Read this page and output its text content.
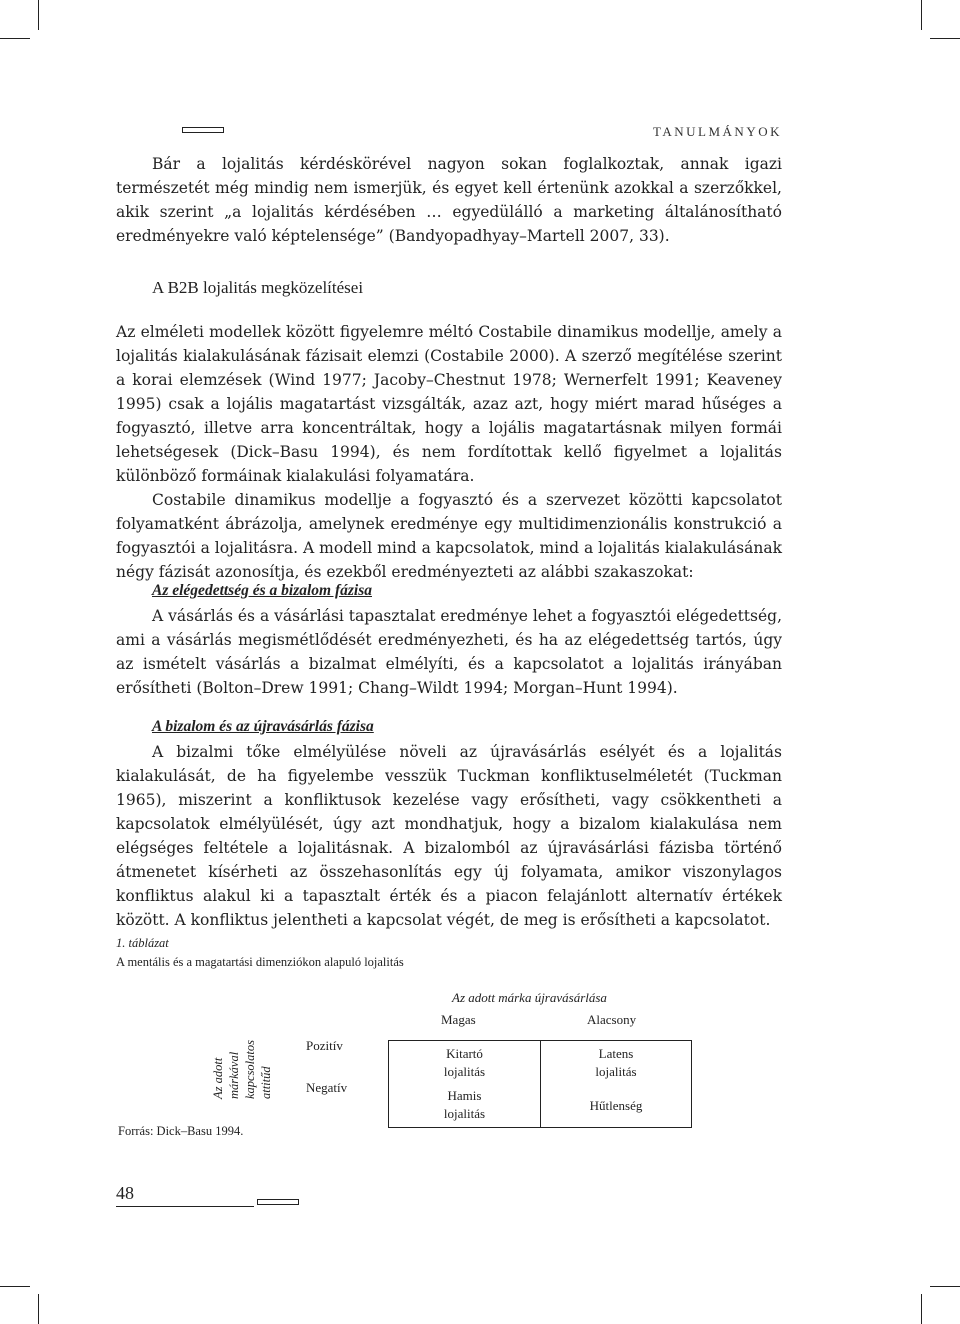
TANULMÁNYOK

Bár a lojalitás kérdéskörével nagyon sokan foglalkoztak, annak igazi természetét még mindig nem ismerjük, és egyet kell értenünk azokkal a szerzőkkel, akik szerint „a lojalitás kérdésében … egyedülálló a marketing általánosítható eredményekre való képtelensége” (Bandyopadhyay–Martell 2007, 33).

A B2B lojalitás megközelítései

Az elméleti modellek között figyelemre méltó Costabile dinamikus modellje, amely a lojalitás kialakulásának fázisait elemzi (Costabile 2000). A szerző megítélése szerint a korai elemzések (Wind 1977; Jacoby–Chestnut 1978; Wernerfelt 1991; Keaveney 1995) csak a lojális magatartást vizsgálták, azaz azt, hogy miért marad hűséges a fogyasztó, illetve arra koncentráltak, hogy a lojális magatartásnak milyen formái lehetségesek (Dick–Basu 1994), és nem fordítottak kellő figyelmet a lojalitás különböző formáinak kialakulási folyamatára.

Costabile dinamikus modellje a fogyasztó és a szervezet közötti kapcsolatot folyamatként ábrázolja, amelynek eredménye egy multidimenzionális konstrukció a fogyasztói a lojalitásra. A modell mind a kapcsolatok, mind a lojalitás kialakulásának négy fázisát azonosítja, és ezekből eredményezteti az alábbi szakaszokat:

Az elégedettség és a bizalom fázisa

A vásárlás és a vásárlási tapasztalat eredménye lehet a fogyasztói elégedettség, ami a vásárlás megismétlődését eredményezheti, és ha az elégedettség tartós, úgy az ismételt vásárlás a bizalmat elmélyíti, és a kapcsolatot a lojalitás irányában erősítheti (Bolton–Drew 1991; Chang–Wildt 1994; Morgan–Hunt 1994).

A bizalom és az újravásárlás fázisa

A bizalmi tőke elmélyülése növeli az újravásárlás esélyét és a lojalitás kialakulását, de ha figyelembe vesszük Tuckman konfliktuselméletét (Tuckman 1965), miszerint a konfliktusok kezelése vagy erősítheti, vagy csökkentheti a kapcsolatok elmélyülését, úgy azt mondhatjuk, hogy a bizalom kialakulása nem elégséges feltétele a lojalitásnak. A bizalomból az újravásárlási fázisba történő átmenetet kísérheti az összehasonlítás egy új folyamata, amikor viszonylagos konfliktus alakul ki a tapasztalt érték és a piacon felajánlott alternatív értékek között. A konfliktus jelentheti a kapcsolat végét, de meg is erősítheti a kapcsolatot.

1. táblázat
A mentális és a magatartási dimenziókon alapuló lojalitás
Az adott márka újravásárlása
Magas	Alacsony
Az adott márkával kapcsolatos attitűd
Pozitív
Negatív
Kitartó
lojalitás
Latens
lojalitás
Hamis
lojalitás
Hűtlenség
Forrás: Dick–Basu 1994.
48
